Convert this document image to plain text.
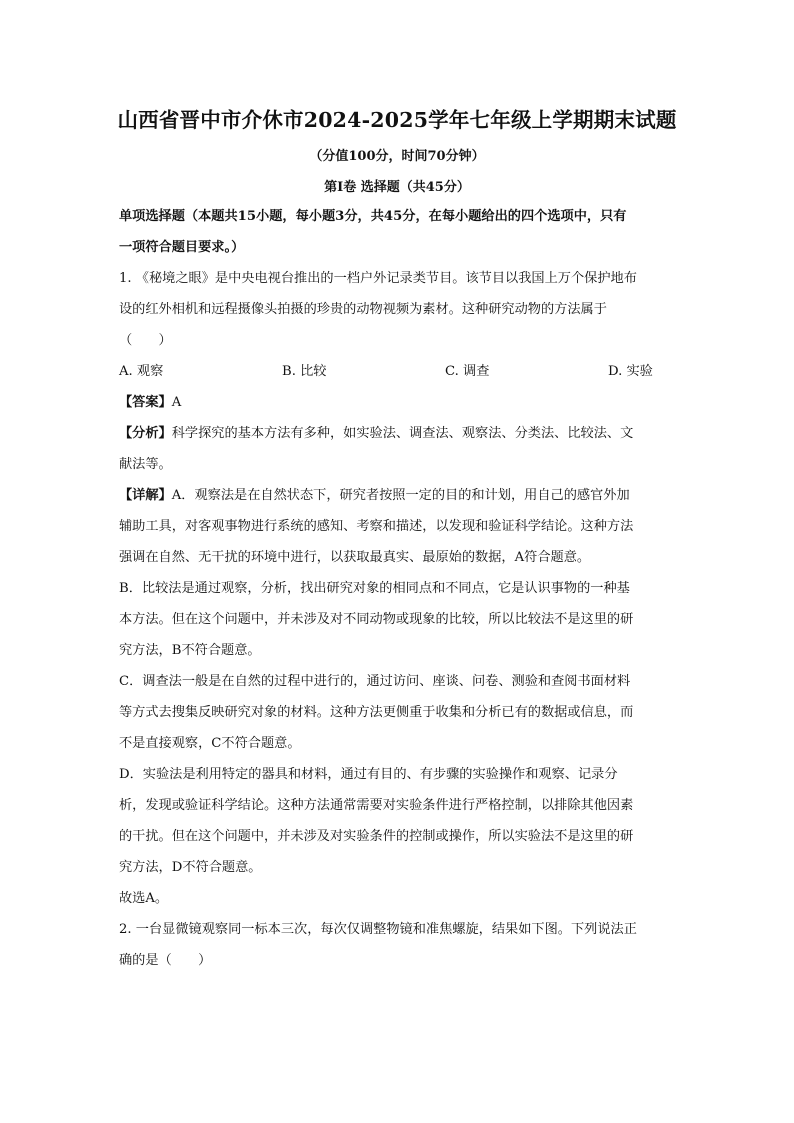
山西省晋中市介休市2024-2025学年七年级上学期期末试题
（分值100分，时间70分钟）
第Ⅰ卷 选择题（共45分）

单项选择题（本题共15小题，每小题3分，共45分，在每小题给出的四个选项中，只有

一项符合题目要求。）

1. 《秘境之眼》是中央电视台推出的一档户外记录类节目。该节目以我国上万个保护地布

设的红外相机和远程摄像头拍摄的珍贵的动物视频为素材。这种研究动物的方法属于

（　　）

A. 观察	B. 比较	C. 调查	D. 实验

【答案】A

【分析】科学探究的基本方法有多种，如实验法、调查法、观察法、分类法、比较法、文

献法等。

【详解】A．观察法是在自然状态下，研究者按照一定的目的和计划，用自己的感官外加

辅助工具，对客观事物进行系统的感知、考察和描述，以发现和验证科学结论。这种方法

强调在自然、无干扰的环境中进行，以获取最真实、最原始的数据，A符合题意。

B．比较法是通过观察，分析，找出研究对象的相同点和不同点，它是认识事物的一种基

本方法。但在这个问题中，并未涉及对不同动物或现象的比较，所以比较法不是这里的研

究方法，B不符合题意。

C．调查法一般是在自然的过程中进行的，通过访问、座谈、问卷、测验和查阅书面材料

等方式去搜集反映研究对象的材料。这种方法更侧重于收集和分析已有的数据或信息，而

不是直接观察，C不符合题意。

D．实验法是利用特定的器具和材料，通过有目的、有步骤的实验操作和观察、记录分

析，发现或验证科学结论。这种方法通常需要对实验条件进行严格控制，以排除其他因素

的干扰。但在这个问题中，并未涉及对实验条件的控制或操作，所以实验法不是这里的研

究方法，D不符合题意。

故选A。

2. 一台显微镜观察同一标本三次，每次仅调整物镜和准焦螺旋，结果如下图。下列说法正

确的是（　　）
